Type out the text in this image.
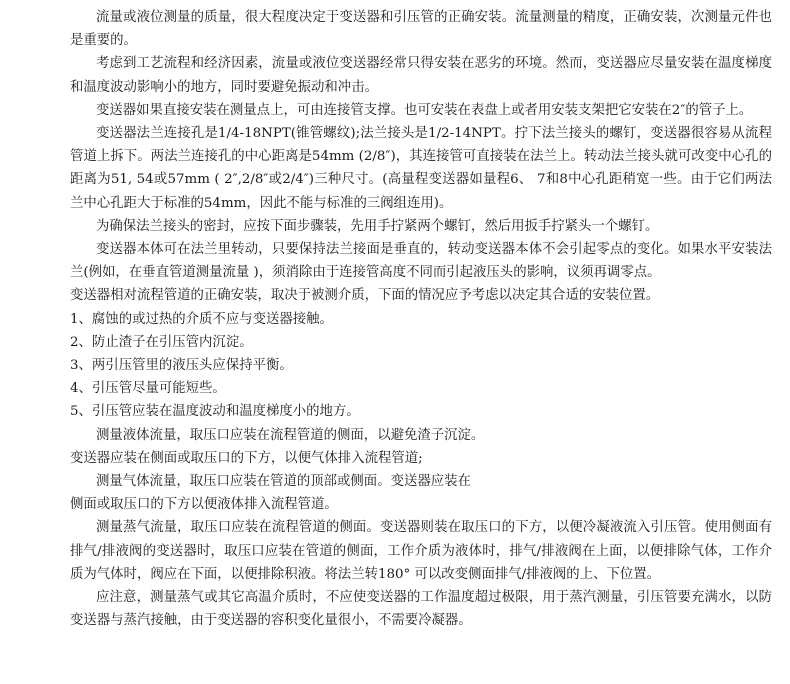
流量或液位测量的质量，很大程度决定于变送器和引压管的正确安装。流量测量的精度，正确安装，次测量元件也是重要的。

考虑到工艺流程和经济因素，流量或液位变送器经常只得安装在恶劣的环境。然而，变送器应尽量安装在温度梯度和温度波动影响小的地方，同时要避免振动和冲击。

变送器如果直接安装在测量点上，可由连接管支撑。也可安装在表盘上或者用安装支架把它安装在2″的管子上。

变送器法兰连接孔是1/4-18NPT(锥管螺纹);法兰接头是1/2-14NPT。拧下法兰接头的螺钉，变送器很容易从流程管道上拆下。两法兰连接孔的中心距离是54mm (2/8″)，其连接管可直接装在法兰上。转动法兰接头就可改变中心孔的距离为51, 54或57mm ( 2″,2/8″或2/4″)三种尺寸。(高量程变送器如量程6、 7和8中心孔距稍宽一些。由于它们两法兰中心孔距大于标准的54mm，因此不能与标准的三阀组连用)。

为确保法兰接头的密封，应按下面步骤装，先用手拧紧两个螺钉，然后用扳手拧紧头一个螺钉。

变送器本体可在法兰里转动，只要保持法兰接面是垂直的，转动变送器本体不会引起零点的变化。如果水平安装法兰(例如，在垂直管道测量流量 )，须消除由于连接管高度不同而引起液压头的影响，议须再调零点。

变送器相对流程管道的正确安装，取决于被测介质，下面的情况应予考虑以决定其合适的安装位置。

1、腐蚀的或过热的介质不应与变送器接触。

2、防止渣子在引压管内沉淀。

3、两引压管里的液压头应保持平衡。

4、引压管尽量可能短些。

5、引压管应装在温度波动和温度梯度小的地方。

测量液体流量，取压口应装在流程管道的侧面，以避免渣子沉淀。

变送器应装在侧面或取压口的下方，以便气体排入流程管道;

测量气体流量，取压口应装在管道的顶部或侧面。变送器应装在

侧面或取压口的下方以便液体排入流程管道。

测量蒸气流量，取压口应装在流程管道的侧面。变送器则装在取压口的下方，以便冷凝液流入引压管。使用侧面有排气/排液阀的变送器时，取压口应装在管道的侧面，工作介质为液体时，排气/排液阀在上面，以便排除气体，工作介质为气体时，阀应在下面，以便排除积液。将法兰转180° 可以改变侧面排气/排液阀的上、下位置。

应注意，测量蒸气或其它高温介质时，不应使变送器的工作温度超过极限，用于蒸汽测量，引压管要充满水，以防变送器与蒸汽接触，由于变送器的容积变化量很小，不需要冷凝器。
